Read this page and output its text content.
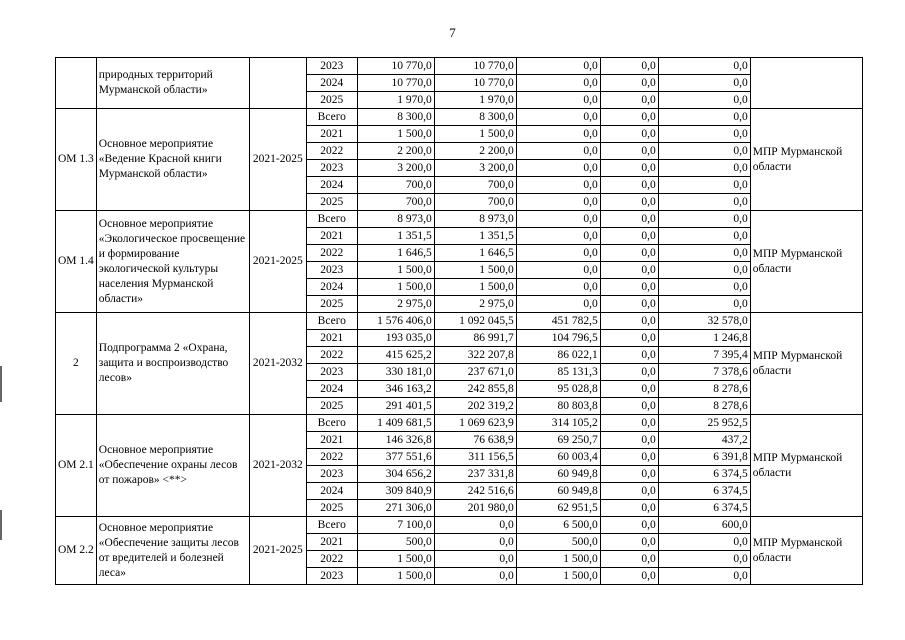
7
	природных территорий Мурманской области»		2023	10 770,0	10 770,0	0,0	0,0	0,0	
			2024	10 770,0	10 770,0	0,0	0,0	0,0	
			2025	1 970,0	1 970,0	0,0	0,0	0,0	
ОМ 1.3	Основное мероприятие «Ведение Красной книги Мурманской области»	2021-2025	Всего	8 300,0	8 300,0	0,0	0,0	0,0	МПР Мурманской области
			2021	1 500,0	1 500,0	0,0	0,0	0,0	
			2022	2 200,0	2 200,0	0,0	0,0	0,0	
			2023	3 200,0	3 200,0	0,0	0,0	0,0	
			2024	700,0	700,0	0,0	0,0	0,0	
			2025	700,0	700,0	0,0	0,0	0,0	
ОМ 1.4	Основное мероприятие «Экологическое просвещение и формирование экологической культуры населения Мурманской области»	2021-2025	Всего	8 973,0	8 973,0	0,0	0,0	0,0	МПР Мурманской области
			2021	1 351,5	1 351,5	0,0	0,0	0,0	
			2022	1 646,5	1 646,5	0,0	0,0	0,0	
			2023	1 500,0	1 500,0	0,0	0,0	0,0	
			2024	1 500,0	1 500,0	0,0	0,0	0,0	
			2025	2 975,0	2 975,0	0,0	0,0	0,0	
2	Подпрограмма 2 «Охрана, защита и воспроизводство лесов»	2021-2032	Всего	1 576 406,0	1 092 045,5	451 782,5	0,0	32 578,0	МПР Мурманской области
			2021	193 035,0	86 991,7	104 796,5	0,0	1 246,8	
			2022	415 625,2	322 207,8	86 022,1	0,0	7 395,4	
			2023	330 181,0	237 671,0	85 131,3	0,0	7 378,6	
			2024	346 163,2	242 855,8	95 028,8	0,0	8 278,6	
			2025	291 401,5	202 319,2	80 803,8	0,0	8 278,6	
ОМ 2.1	Основное мероприятие «Обеспечение охраны лесов от пожаров» <**>	2021-2032	Всего	1 409 681,5	1 069 623,9	314 105,2	0,0	25 952,5	МПР Мурманской области
			2021	146 326,8	76 638,9	69 250,7	0,0	437,2	
			2022	377 551,6	311 156,5	60 003,4	0,0	6 391,8	
			2023	304 656,2	237 331,8	60 949,8	0,0	6 374,5	
			2024	309 840,9	242 516,6	60 949,8	0,0	6 374,5	
			2025	271 306,0	201 980,0	62 951,5	0,0	6 374,5	
ОМ 2.2	Основное мероприятие «Обеспечение защиты лесов от вредителей и болезней леса»	2021-2025	Всего	7 100,0	0,0	6 500,0	0,0	600,0	МПР Мурманской области
			2021	500,0	0,0	500,0	0,0	0,0	
			2022	1 500,0	0,0	1 500,0	0,0	0,0	
			2023	1 500,0	0,0	1 500,0	0,0	0,0	
